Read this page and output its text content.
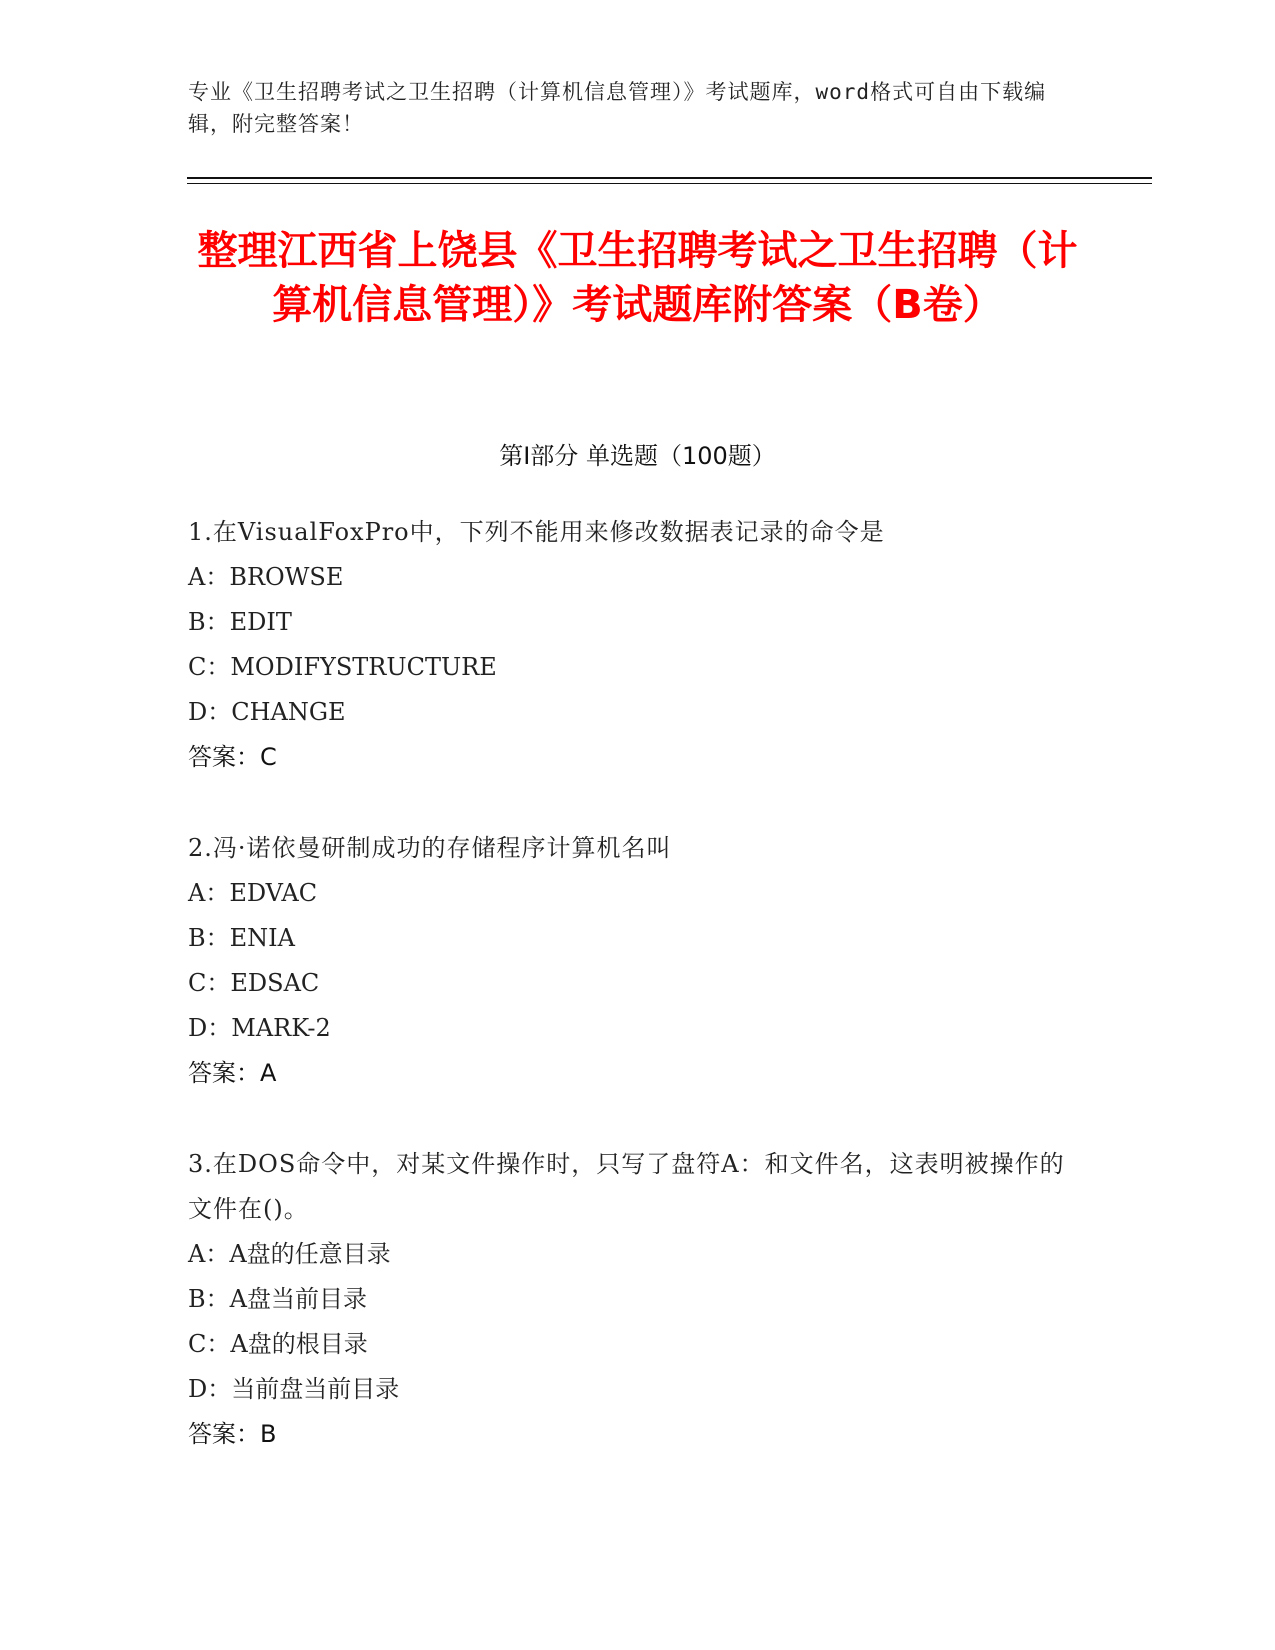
专业《卫生招聘考试之卫生招聘（计算机信息管理）》考试题库，word格式可自由下载编辑，附完整答案！
整理江西省上饶县《卫生招聘考试之卫生招聘（计算机信息管理）》考试题库附答案（B卷）
第Ⅰ部分 单选题（100题）
1.在VisualFoxPro中，下列不能用来修改数据表记录的命令是
A：BROWSE
B：EDIT
C：MODIFYSTRUCTURE
D：CHANGE
答案：C
2.冯·诺依曼研制成功的存储程序计算机名叫
A：EDVAC
B：ENIA
C：EDSAC
D：MARK-2
答案：A
3.在DOS命令中，对某文件操作时，只写了盘符A：和文件名，这表明被操作的文件在()。
A：A盘的任意目录
B：A盘当前目录
C：A盘的根目录
D：当前盘当前目录
答案：B
